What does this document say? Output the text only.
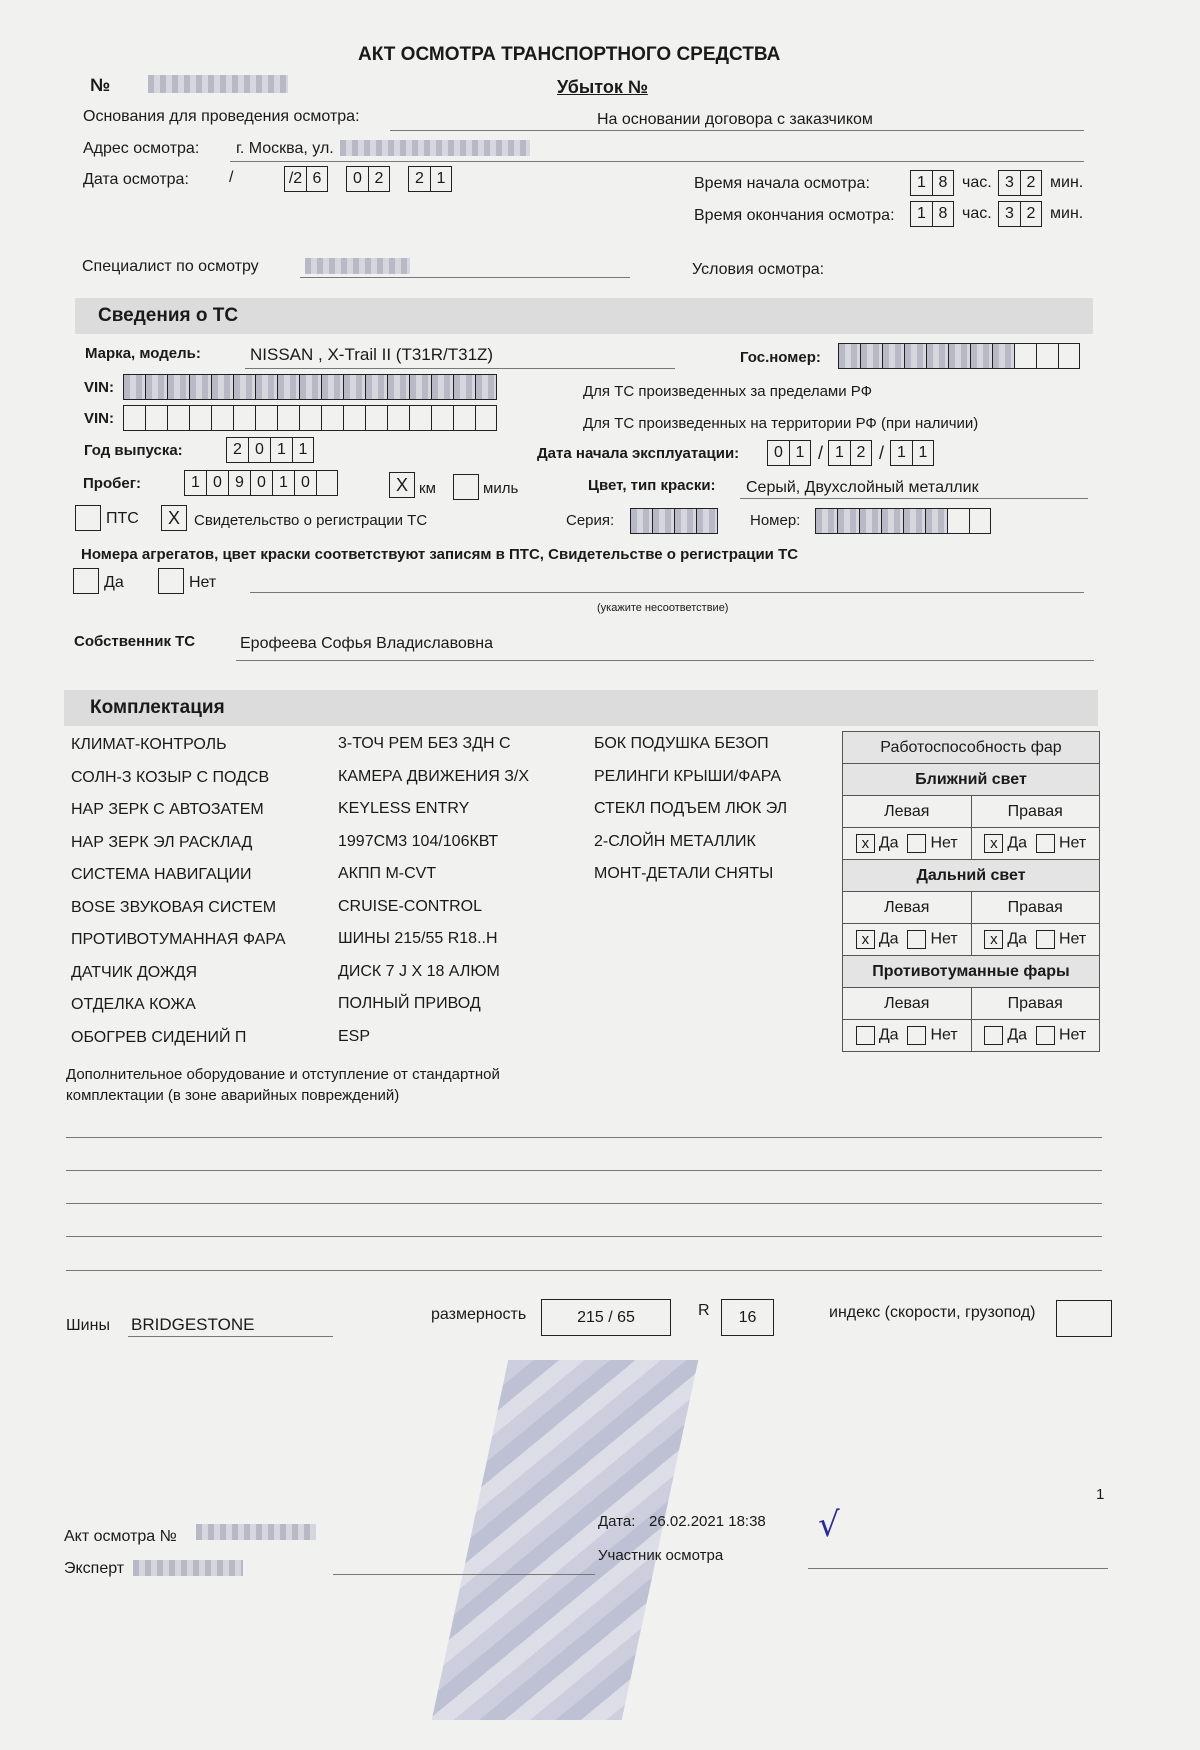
АКТ ОСМОТРА ТРАНСПОРТНОГО СРЕДСТВА
№	Убыток №
Основания для проведения осмотра:	На основании договора с заказчиком
Адрес осмотра: г. Москва, ул.
Дата осмотра:	/	/2 6	0 2	2 1	Время начала осмотра:	1 8 час. 3 2 мин.
Время окончания осмотра:	1 8 час. 3 2 мин.
Специалист по осмотру	Условия осмотра:
Сведения о ТС
Марка, модель:	NISSAN , X-Trail II (T31R/T31Z)	Гос.номер:
VIN:	Для ТС произведенных за пределами РФ
VIN:	Для ТС произведенных на территории РФ (при наличии)
Год выпуска:	2 0 1 1	Дата начала эксплуатации:	0 1 / 1 2 / 1 1
Пробег:	1 0 9 0 1 0	X км	миль	Цвет, тип краски: Серый, Двухслойный металлик
ПТС	X Свидетельство о регистрации ТС	Серия:	Номер:
Номера агрегатов, цвет краски соответствуют записям в ПТС, Свидетельстве о регистрации ТС
Да	Нет
(укажите несоответствие)
Собственник ТС	Ерофеева Софья Владиславовна
Комплектация
КЛИМАТ-КОНТРОЛЬ
СОЛН-З КОЗЫР С ПОДСВ
НАР ЗЕРК С АВТОЗАТЕМ
НАР ЗЕРК ЭЛ РАСКЛАД
СИСТЕМА НАВИГАЦИИ
BOSE ЗВУКОВАЯ СИСТЕМ
ПРОТИВОТУМАННАЯ ФАРА
ДАТЧИК ДОЖДЯ
ОТДЕЛКА КОЖА
ОБОГРЕВ СИДЕНИЙ П
3-ТОЧ РЕМ БЕЗ ЗДН С
КАМЕРА ДВИЖЕНИЯ З/Х
KEYLESS ENTRY
1997СМ3 104/106КВТ
АКПП M-CVT
CRUISE-CONTROL
ШИНЫ 215/55 R18..H
ДИСК 7 J X 18 АЛЮМ
ПОЛНЫЙ ПРИВОД
ESP
БОК ПОДУШКА БЕЗОП
РЕЛИНГИ КРЫШИ/ФАРА
СТЕКЛ ПОДЪЕМ ЛЮК ЭЛ
2-СЛОЙН МЕТАЛЛИК
МОНТ-ДЕТАЛИ СНЯТЫ
Работоспособность фар	
Ближний свет	
Левая	Правая
x Да Нет	x Да Нет
Дальний свет	
Левая	Правая
x Да Нет	x Да Нет
Противотуманные фары	
Левая	Правая
Да Нет	Да Нет
Дополнительное оборудование и отступление от стандартной
комплектации (в зоне аварийных повреждений)
Шины BRIDGESTONE
размерность	215 / 65	R	16	индекс (скорости, грузопод)
1
Акт осмотра №
Эксперт
Дата: 26.02.2021 18:38
Участник осмотра
√
